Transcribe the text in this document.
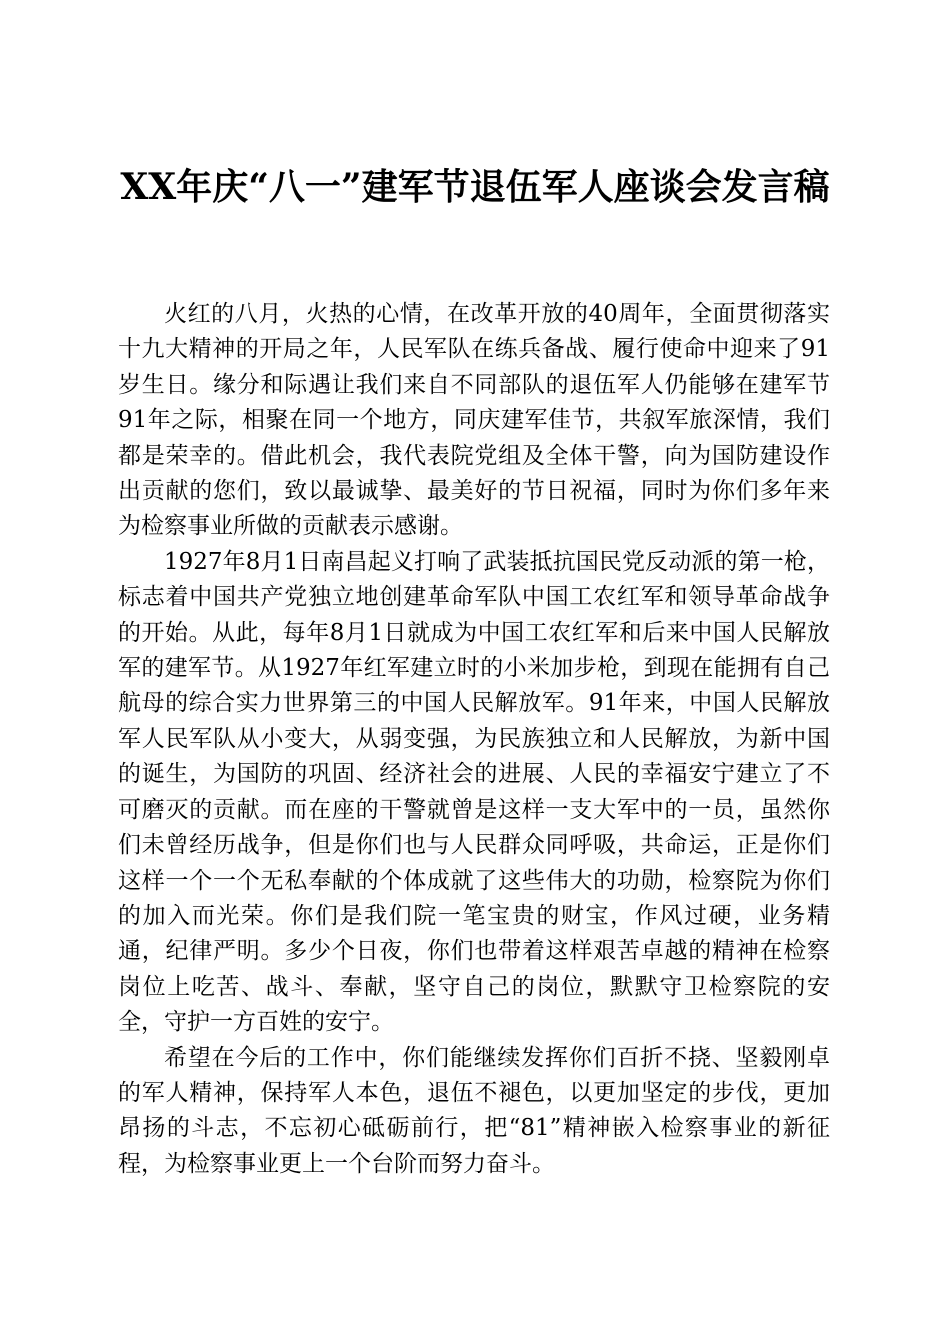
XX年庆“八一”建军节退伍军人座谈会发言稿

火红的八月，火热的心情，在改革开放的40周年，全面贯彻落实十九大精神的开局之年，人民军队在练兵备战、履行使命中迎来了91岁生日。缘分和际遇让我们来自不同部队的退伍军人仍能够在建军节91年之际，相聚在同一个地方，同庆建军佳节，共叙军旅深情，我们都是荣幸的。借此机会，我代表院党组及全体干警，向为国防建设作出贡献的您们，致以最诚挚、最美好的节日祝福，同时为你们多年来为检察事业所做的贡献表示感谢。

1927年8月1日南昌起义打响了武装抵抗国民党反动派的第一枪，标志着中国共产党独立地创建革命军队中国工农红军和领导革命战争的开始。从此，每年8月1日就成为中国工农红军和后来中国人民解放军的建军节。从1927年红军建立时的小米加步枪，到现在能拥有自己航母的综合实力世界第三的中国人民解放军。91年来，中国人民解放军人民军队从小变大，从弱变强，为民族独立和人民解放，为新中国的诞生，为国防的巩固、经济社会的进展、人民的幸福安宁建立了不可磨灭的贡献。而在座的干警就曾是这样一支大军中的一员，虽然你们未曾经历战争，但是你们也与人民群众同呼吸，共命运，正是你们这样一个一个无私奉献的个体成就了这些伟大的功勋，检察院为你们的加入而光荣。你们是我们院一笔宝贵的财宝，作风过硬，业务精通，纪律严明。多少个日夜，你们也带着这样艰苦卓越的精神在检察岗位上吃苦、战斗、奉献，坚守自己的岗位，默默守卫检察院的安全，守护一方百姓的安宁。

希望在今后的工作中，你们能继续发挥你们百折不挠、坚毅刚卓的军人精神，保持军人本色，退伍不褪色，以更加坚定的步伐，更加昂扬的斗志，不忘初心砥砺前行，把“81”精神嵌入检察事业的新征程，为检察事业更上一个台阶而努力奋斗。
